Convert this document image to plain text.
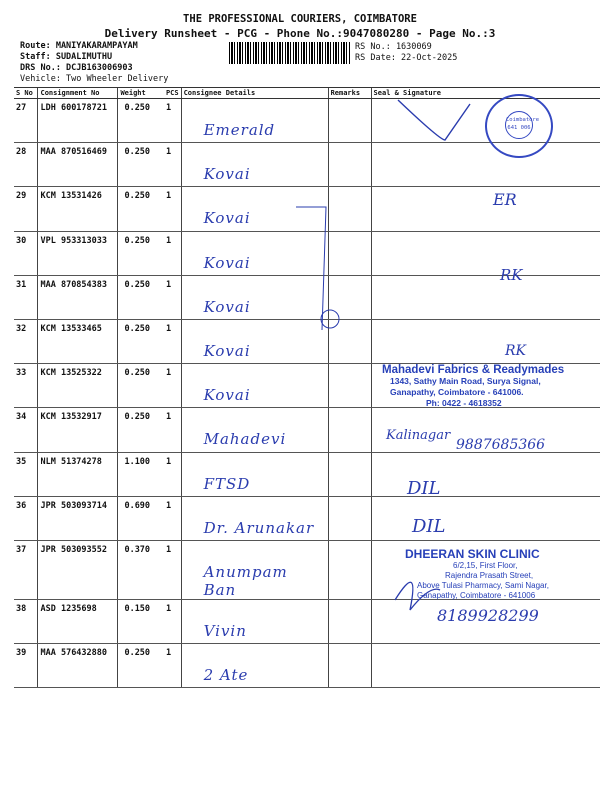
THE PROFESSIONAL COURIERS, COIMBATORE
Delivery Runsheet - PCG - Phone No.:9047080280 - Page No.:3
Route: MANIYAKARAMPAYAM
Staff: SUDALIMUTHU
DRS No.: DCJB163006903
Vehicle: Two Wheeler Delivery
RS No.: 1630069
RS Date: 22-Oct-2025
S No	Consignment No	Weight	PCS	Consignee Details	Remarks	Seal & Signature
27	LDH 600178721	0.250	1	Emerald		
28	MAA 870516469	0.250	1	Kovai		
29	KCM 13531426	0.250	1	Kovai		
30	VPL 953313033	0.250	1	Kovai		
31	MAA 870854383	0.250	1	Kovai		
32	KCM 13533465	0.250	1	Kovai		
33	KCM 13525322	0.250	1	Kovai		
34	KCM 13532917	0.250	1	Mahadevi		
35	NLM 51374278	1.100	1	FTSD		
36	JPR 503093714	0.690	1	Dr. Arunakar		
37	JPR 503093552	0.370	1	Anumpam Ban		
38	ASD 1235698	0.150	1	Vivin		
39	MAA 576432880	0.250	1	2 Ate		
Coimbatore
641 006
Mahadevi Fabrics & Readymades
1343, Sathy Main Road, Surya Signal,
Ganapathy, Coimbatore - 641006.
Ph: 0422 - 4618352
DHEERAN SKIN CLINIC
6/2,15, First Floor,
Rajendra Prasath Street,
Above Tulasi Pharmacy, Sami Nagar,
Ganapathy, Coimbatore - 641006
ER
RK
RK
Kalinagar
9887685366
DIL
DIL
8189928299
